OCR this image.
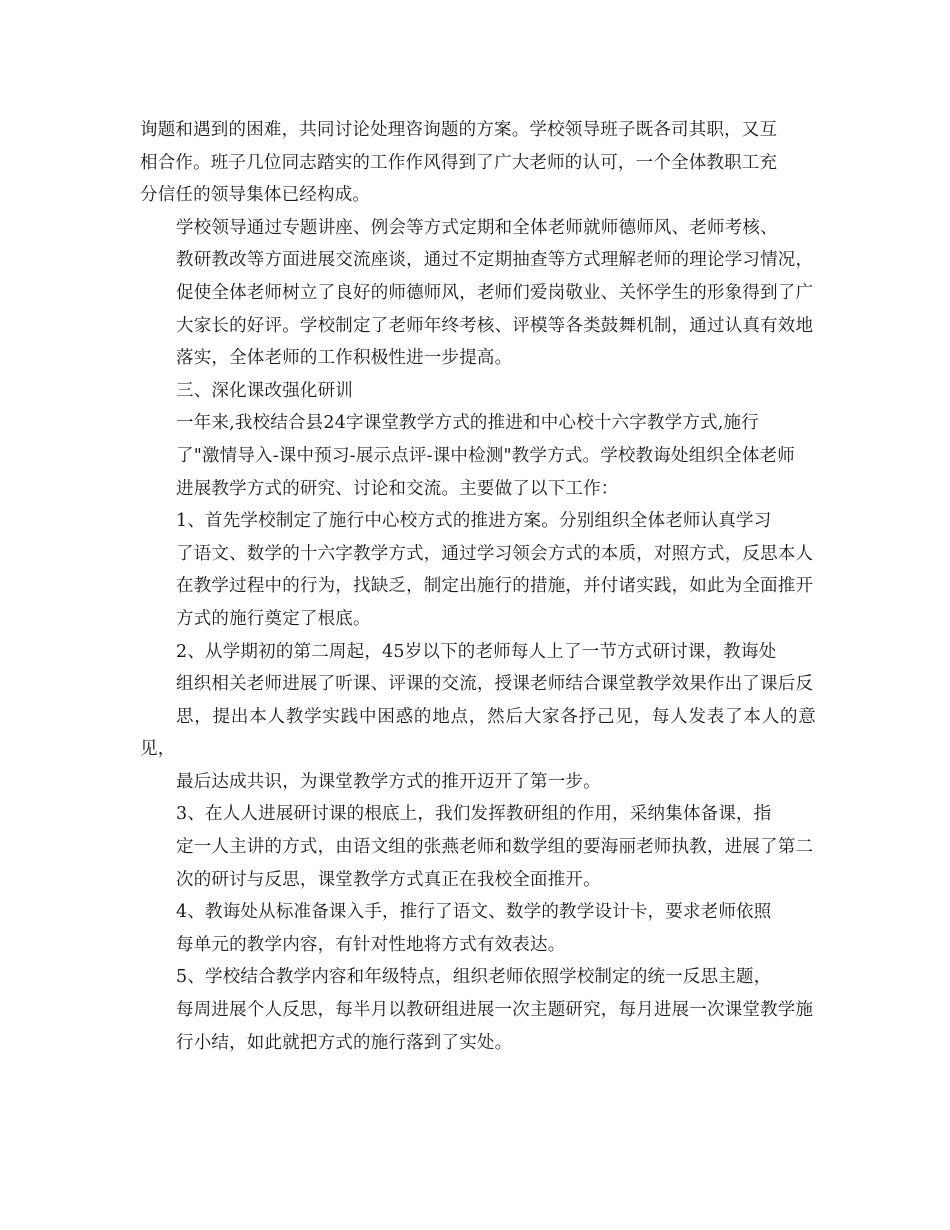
询题和遇到的困难，共同讨论处理咨询题的方案。学校领导班子既各司其职，又互
相合作。班子几位同志踏实的工作作风得到了广大老师的认可，一个全体教职工充
分信任的领导集体已经构成。

学校领导通过专题讲座、例会等方式定期和全体老师就师德师风、老师考核、
教研教改等方面进展交流座谈，通过不定期抽查等方式理解老师的理论学习情况，
促使全体老师树立了良好的师德师风，老师们爱岗敬业、关怀学生的形象得到了广
大家长的好评。学校制定了老师年终考核、评模等各类鼓舞机制，通过认真有效地
落实，全体老师的工作积极性进一步提高。

三、深化课改强化研训

一年来,我校结合县24字课堂教学方式的推进和中心校十六字教学方式,施行
了"激情导入-课中预习-展示点评-课中检测"教学方式。学校教诲处组织全体老师
进展教学方式的研究、讨论和交流。主要做了以下工作：

1、首先学校制定了施行中心校方式的推进方案。分别组织全体老师认真学习
了语文、数学的十六字教学方式，通过学习领会方式的本质，对照方式，反思本人
在教学过程中的行为，找缺乏，制定出施行的措施，并付诸实践，如此为全面推开
方式的施行奠定了根底。

2、从学期初的第二周起，45岁以下的老师每人上了一节方式研讨课，教诲处
组织相关老师进展了听课、评课的交流，授课老师结合课堂教学效果作出了课后反
思，提出本人教学实践中困惑的地点，然后大家各抒己见，每人发表了本人的意见，
最后达成共识，为课堂教学方式的推开迈开了第一步。

3、在人人进展研讨课的根底上，我们发挥教研组的作用，采纳集体备课，指
定一人主讲的方式，由语文组的张燕老师和数学组的要海丽老师执教，进展了第二
次的研讨与反思，课堂教学方式真正在我校全面推开。

4、教诲处从标准备课入手，推行了语文、数学的教学设计卡，要求老师依照
每单元的教学内容，有针对性地将方式有效表达。

5、学校结合教学内容和年级特点，组织老师依照学校制定的统一反思主题，
每周进展个人反思，每半月以教研组进展一次主题研究，每月进展一次课堂教学施
行小结，如此就把方式的施行落到了实处。
